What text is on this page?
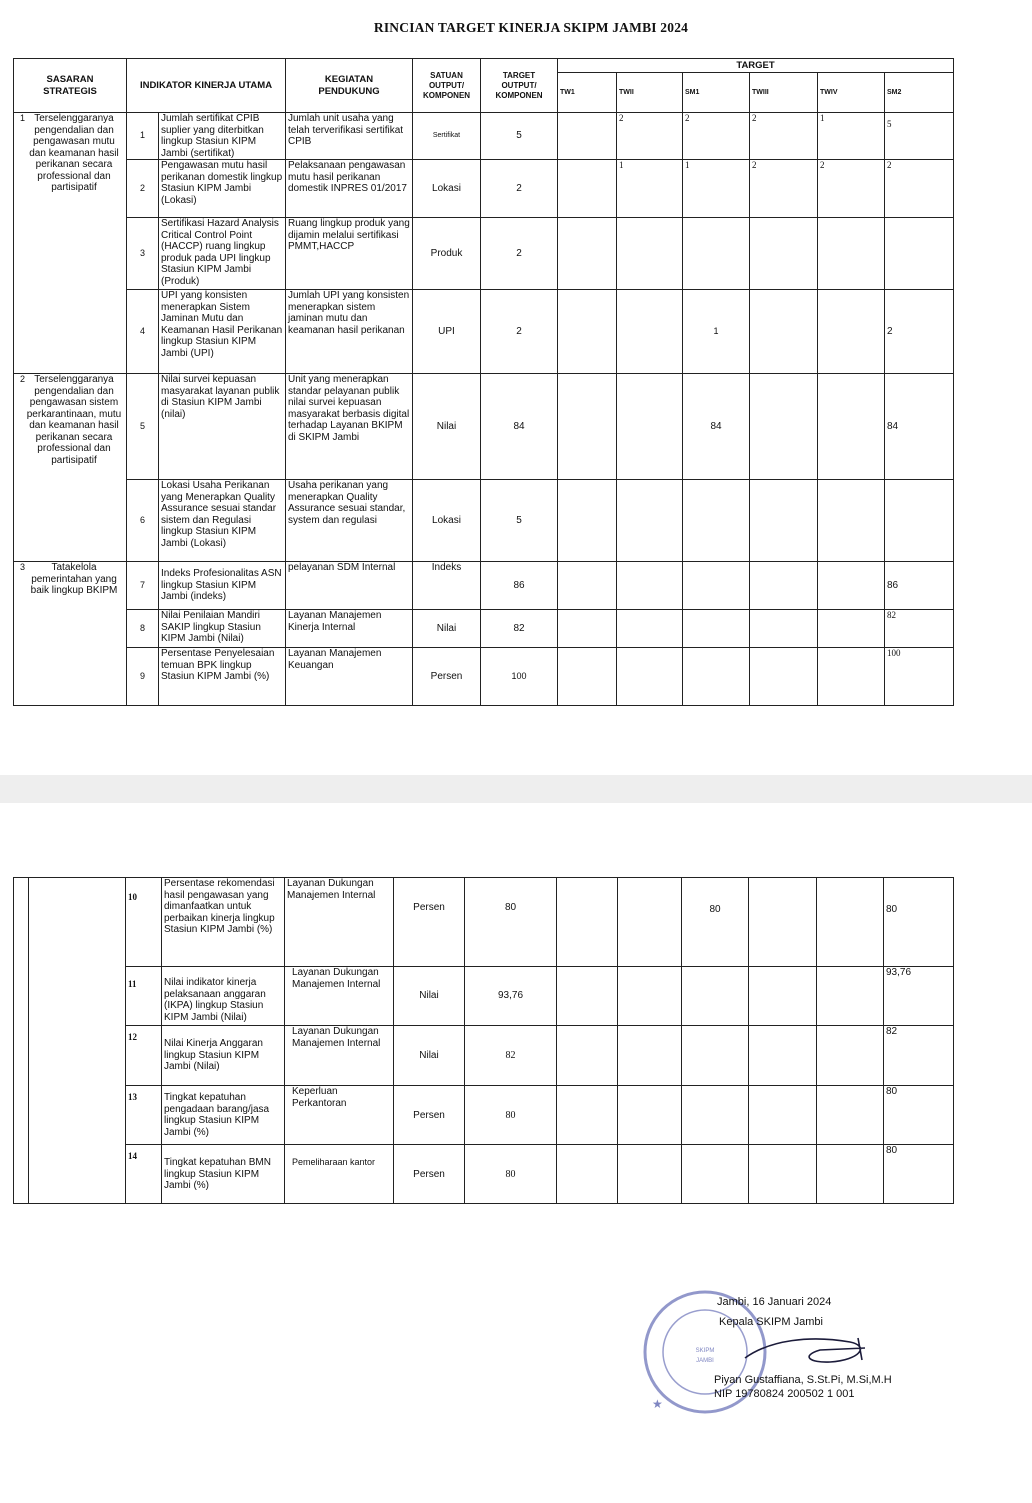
RINCIAN TARGET KINERJA SKIPM JAMBI 2024
SASARAN STRATEGIS	INDIKATOR KINERJA UTAMA		KEGIATAN PENDUKUNG	SATUAN OUTPUT/ KOMPONEN	TARGET OUTPUT/ KOMPONEN	TARGET					
						TW1	TWII	SM1	TWIII	TWIV	SM2

1 Terselenggaranya pengendalian dan pengawasan mutu dan keamanan hasil perikanan secara professional dan partisipatif	1	Jumlah sertifikat CPIB suplier yang diterbitkan lingkup Stasiun KIPM Jambi (sertifikat)	Jumlah unit usaha yang telah terverifikasi sertifikat CPIB	Sertifikat	5		2	2	2	1	5
	2	Pengawasan mutu hasil perikanan domestik lingkup Stasiun KIPM Jambi (Lokasi)	Pelaksanaan pengawasan mutu hasil perikanan domestik INPRES 01/2017	Lokasi	2		1	1	2	2	2
	3	Sertifikasi Hazard Analysis Critical Control Point (HACCP) ruang lingkup produk pada UPI lingkup Stasiun KIPM Jambi (Produk)	Ruang lingkup produk yang dijamin melalui sertifikasi PMMT,HACCP	Produk	2						
	4	UPI yang konsisten menerapkan Sistem Jaminan Mutu dan Keamanan Hasil Perikanan lingkup Stasiun KIPM Jambi (UPI)	Jumlah UPI yang konsisten menerapkan sistem jaminan mutu dan keamanan hasil perikanan	UPI	2			1			2

2 Terselenggaranya pengendalian dan pengawasan sistem perkarantinaan, mutu dan keamanan hasil perikanan secara professional dan partisipatif	5	Nilai survei kepuasan masyarakat layanan publik di Stasiun KIPM Jambi (nilai)	Unit yang menerapkan standar pelayanan publik nilai survei kepuasan masyarakat berbasis digital terhadap Layanan BKIPM di SKIPM Jambi	Nilai	84			84			84
	6	Lokasi Usaha Perikanan yang Menerapkan Quality Assurance sesuai standar sistem dan Regulasi lingkup Stasiun KIPM Jambi (Lokasi)	Usaha perikanan yang menerapkan Quality Assurance sesuai standar, system dan regulasi	Lokasi	5						

3 Tatakelola pemerintahan yang baik lingkup BKIPM	7	Indeks Profesionalitas ASN lingkup Stasiun KIPM Jambi (indeks)	pelayanan SDM Internal	Indeks	86						86
	8	Nilai Penilaian Mandiri SAKIP lingkup Stasiun KIPM Jambi (Nilai)	Layanan Manajemen Kinerja Internal	Nilai	82						82
	9	Persentase Penyelesaian temuan BPK lingkup Stasiun KIPM Jambi (%)	Layanan Manajemen Keuangan	Persen	100						100
		10	Persentase rekomendasi hasil pengawasan yang dimanfaatkan untuk perbaikan kinerja lingkup Stasiun KIPM Jambi (%)	Layanan Dukungan Manajemen Internal	Persen	80			80			80
		11	Nilai indikator kinerja pelaksanaan anggaran (IKPA) lingkup Stasiun KIPM Jambi (Nilai)	Layanan Dukungan Manajemen Internal	Nilai	93,76						93,76
		12	Nilai Kinerja Anggaran lingkup Stasiun KIPM Jambi (Nilai)	Layanan Dukungan Manajemen Internal	Nilai	82						82
		13	Tingkat kepatuhan pengadaan barang/jasa lingkup Stasiun KIPM Jambi (%)	Keperluan Perkantoran	Persen	80						80
		14	Tingkat kepatuhan BMN lingkup Stasiun KIPM Jambi (%)	Pemeliharaan kantor	Persen	80						80
SKIPM
JAMBI
★
Jambi, 16 Januari 2024
Kepala SKIPM Jambi
Piyan Gustaffiana, S.St.Pi, M.Si,M.H
NIP 19780824 200502 1 001
